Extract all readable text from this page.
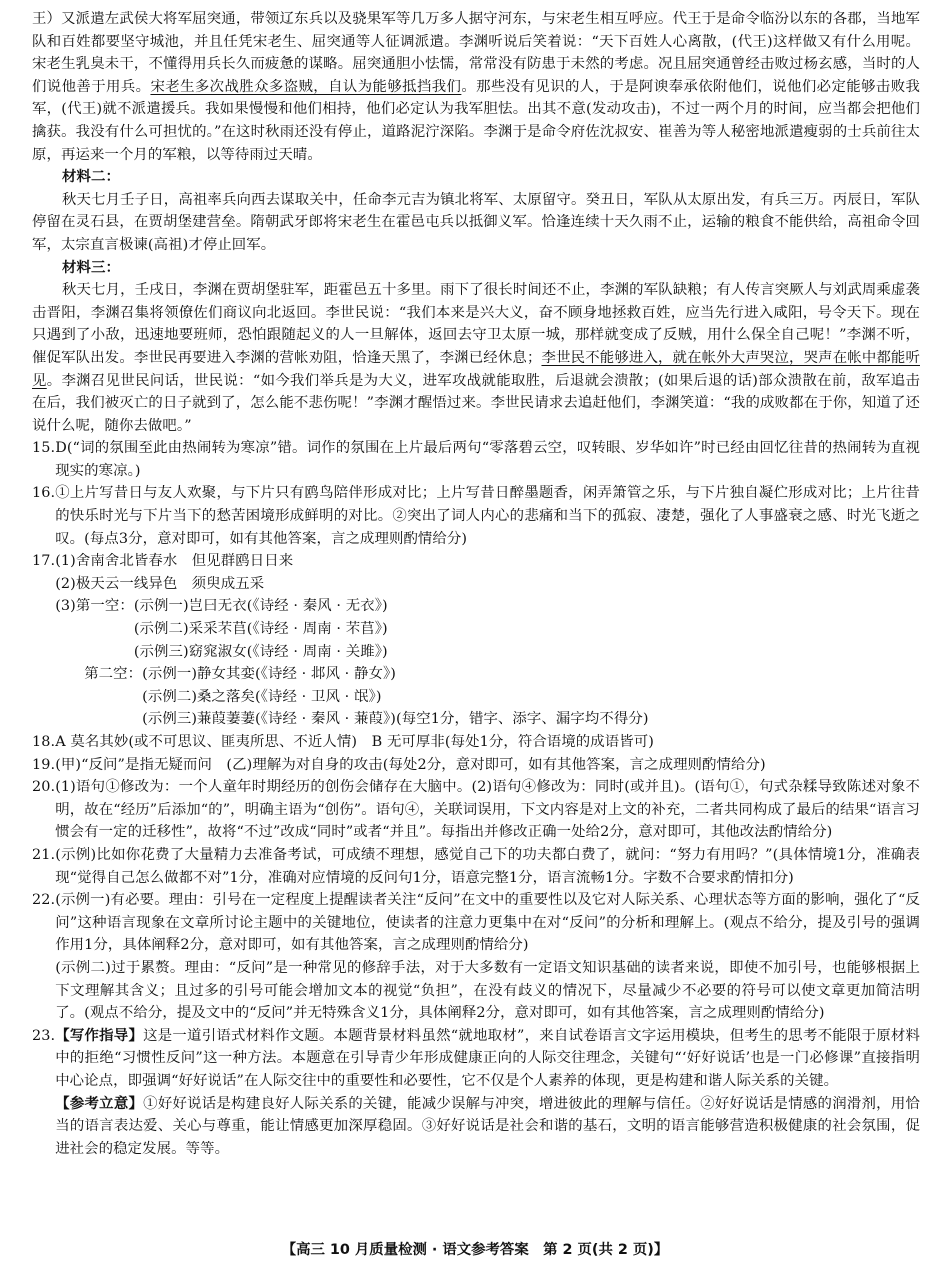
王）又派遣左武侯大将军屈突通，带领辽东兵以及骁果军等几万多人据守河东，与宋老生相互呼应。代王于是命令临汾以东的各郡，当地军队和百姓都要坚守城池，并且任凭宋老生、屈突通等人征调派遣。李渊听说后笑着说：“天下百姓人心离散，(代王)这样做又有什么用呢。宋老生乳臭未干，不懂得用兵长久而疲惫的谋略。屈突通胆小怯懦，常常没有防患于未然的考虑。况且屈突通曾经击败过杨玄感，当时的人们说他善于用兵。宋老生多次战胜众多盗贼，自认为能够抵挡我们。那些没有见识的人，于是阿谀奉承依附他们，说他们必定能够击败我军，(代王)就不派遣援兵。我如果慢慢和他们相持，他们必定认为我军胆怯。出其不意(发动攻击)，不过一两个月的时间，应当都会把他们擒获。我没有什么可担忧的。”在这时秋雨还没有停止，道路泥泞深陷。李渊于是命令府佐沈叔安、崔善为等人秘密地派遣瘦弱的士兵前往太原，再运来一个月的军粮，以等待雨过天晴。

材料二：

秋天七月壬子日，高祖率兵向西去谋取关中，任命李元吉为镇北将军、太原留守。癸丑日，军队从太原出发，有兵三万。丙辰日，军队停留在灵石县，在贾胡堡建营垒。隋朝武牙郎将宋老生在霍邑屯兵以抵御义军。恰逢连续十天久雨不止，运输的粮食不能供给，高祖命令回军，太宗直言极谏(高祖)才停止回军。

材料三：

秋天七月，壬戌日，李渊在贾胡堡驻军，距霍邑五十多里。雨下了很长时间还不止，李渊的军队缺粮；有人传言突厥人与刘武周乘虚袭击晋阳，李渊召集将领僚佐们商议向北返回。李世民说：“我们本来是兴大义，奋不顾身地拯救百姓，应当先行进入咸阳，号令天下。现在只遇到了小敌，迅速地要班师，恐怕跟随起义的人一旦解体，返回去守卫太原一城，那样就变成了反贼，用什么保全自己呢！”李渊不听，催促军队出发。李世民再要进入李渊的营帐劝阻，恰逢天黑了，李渊已经休息；李世民不能够进入，就在帐外大声哭泣，哭声在帐中都能听见。李渊召见世民问话，世民说：“如今我们举兵是为大义，进军攻战就能取胜，后退就会溃散；(如果后退的话)部众溃散在前，敌军追击在后，我们被灭亡的日子就到了，怎么能不悲伤呢！”李渊才醒悟过来。李世民请求去追赶他们，李渊笑道：“我的成败都在于你，知道了还说什么呢，随你去做吧。”

15. D(“词的氛围至此由热闹转为寒凉”错。词作的氛围在上片最后两句“零落碧云空，叹转眼、岁华如许”时已经由回忆往昔的热闹转为直视现实的寒凉。)
16. ①上片写昔日与友人欢聚，与下片只有鸥鸟陪伴形成对比；上片写昔日醉墨题香，闲弄箫管之乐，与下片独自凝伫形成对比；上片往昔的快乐时光与下片当下的愁苦困境形成鲜明的对比。②突出了词人内心的悲痛和当下的孤寂、凄楚，强化了人事盛衰之感、时光飞逝之叹。(每点3分，意对即可，如有其他答案，言之成理则酌情给分)
17. (1)舍南舍北皆春水　但见群鸥日日来

(2)极天云一线异色　须臾成五采

(3)第一空： (示例一)岂曰无衣(《诗经 · 秦风 · 无衣》)

(示例二)采采芣苢(《诗经 · 周南 · 芣苢》)

(示例三)窈窕淑女(《诗经 · 周南 · 关雎》)

第二空： (示例一)静女其娈(《诗经 · 邶风 · 静女》)

(示例二)桑之落矣(《诗经 · 卫风 · 氓》)

(示例三)蒹葭萋萋(《诗经 · 秦风 · 蒹葭》)(每空1分，错字、添字、漏字均不得分)

18. A 莫名其妙(或不可思议、匪夷所思、不近人情)　B 无可厚非(每处1分，符合语境的成语皆可)
19. (甲)“反问”是指无疑而问　(乙)理解为对自身的攻击(每处2分，意对即可，如有其他答案，言之成理则酌情给分)
20. (1)语句①修改为：一个人童年时期经历的创伤会储存在大脑中。(2)语句④修改为：同时(或并且)。(语句①，句式杂糅导致陈述对象不明，故在“经历”后添加“的”，明确主语为“创伤”。语句④，关联词误用，下文内容是对上文的补充，二者共同构成了最后的结果“语言习惯会有一定的迁移性”，故将“不过”改成“同时”或者“并且”。每指出并修改正确一处给2分，意对即可，其他改法酌情给分)
21. (示例)比如你花费了大量精力去准备考试，可成绩不理想，感觉自己下的功夫都白费了，就问：“努力有用吗？”(具体情境1分，准确表现“觉得自己怎么做都不对”1分，准确对应情境的反问句1分，语意完整1分，语言流畅1分。字数不合要求酌情扣分)
22. (示例一)有必要。理由：引号在一定程度上提醒读者关注“反问”在文中的重要性以及它对人际关系、心理状态等方面的影响，强化了“反问”这种语言现象在文章所讨论主题中的关键地位，使读者的注意力更集中在对“反问”的分析和理解上。(观点不给分，提及引号的强调作用1分，具体阐释2分，意对即可，如有其他答案，言之成理则酌情给分)

(示例二)过于累赘。理由：“反问”是一种常见的修辞手法，对于大多数有一定语文知识基础的读者来说，即使不加引号，也能够根据上下文理解其含义；且过多的引号可能会增加文本的视觉“负担”，在没有歧义的情况下，尽量减少不必要的符号可以使文章更加简洁明了。(观点不给分，提及文中的“反问”并无特殊含义1分，具体阐释2分，意对即可，如有其他答案，言之成理则酌情给分)

23. 【写作指导】这是一道引语式材料作文题。本题背景材料虽然“就地取材”，来自试卷语言文字运用模块，但考生的思考不能限于原材料中的拒绝“习惯性反问”这一种方法。本题意在引导青少年形成健康正向的人际交往理念，关键句“‘好好说话’也是一门必修课”直接指明中心论点，即强调“好好说话”在人际交往中的重要性和必要性，它不仅是个人素养的体现，更是构建和谐人际关系的关键。

【参考立意】①好好说话是构建良好人际关系的关键，能减少误解与冲突，增进彼此的理解与信任。②好好说话是情感的润滑剂，用恰当的语言表达爱、关心与尊重，能让情感更加深厚稳固。③好好说话是社会和谐的基石，文明的语言能够营造积极健康的社会氛围，促进社会的稳定发展。等等。

【高三 10 月质量检测 · 语文参考答案　第 2 页(共 2 页)】
